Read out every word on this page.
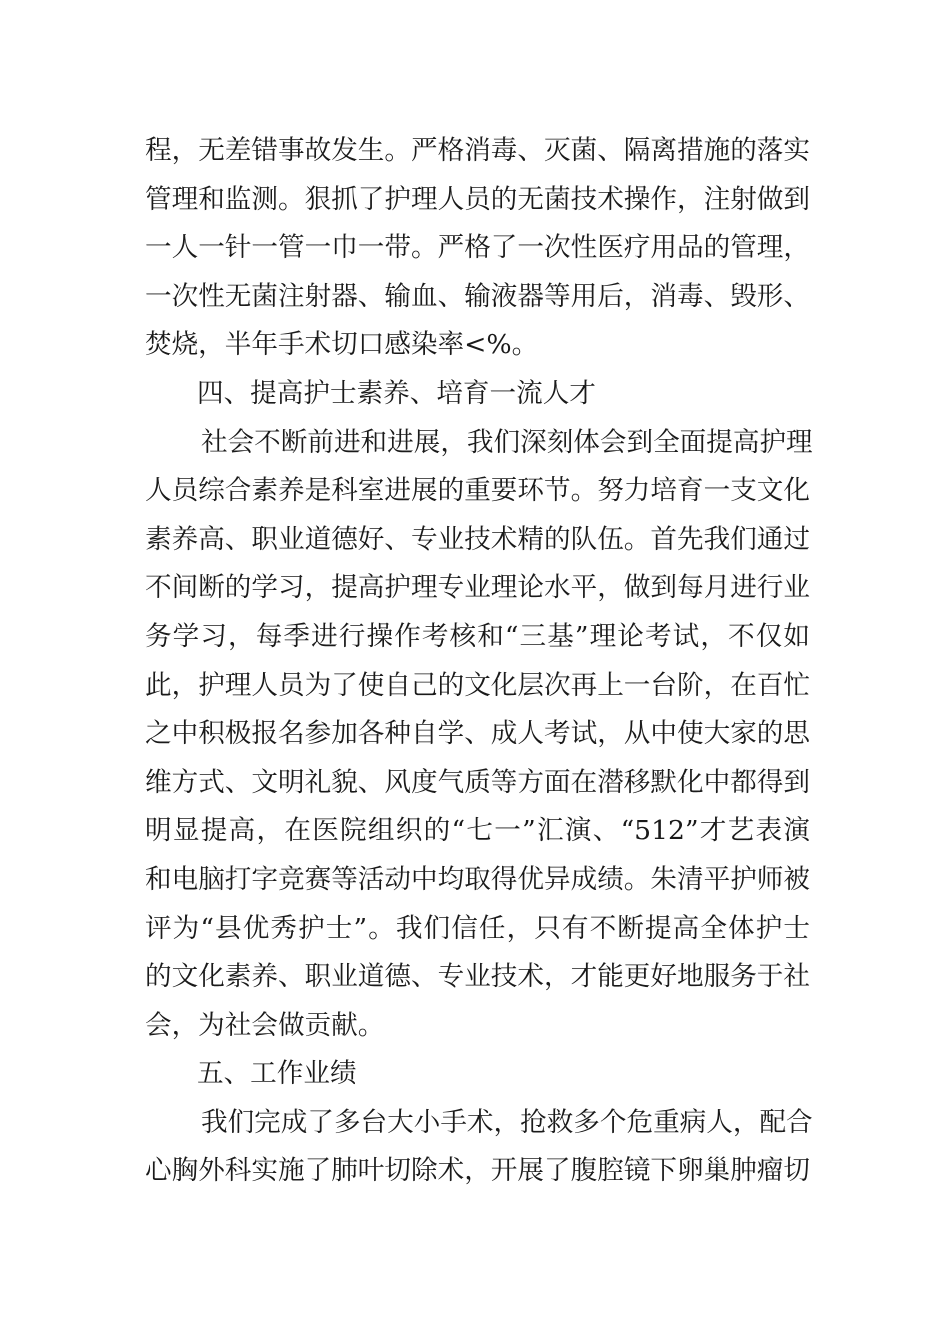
程，无差错事故发生。严格消毒、灭菌、隔离措施的落实
管理和监测。狠抓了护理人员的无菌技术操作，注射做到
一人一针一管一巾一带。严格了一次性医疗用品的管理，
一次性无菌注射器、输血、输液器等用后，消毒、毁形、
焚烧，半年手术切口感染率<%。
四、提高护士素养、培育一流人才
社会不断前进和进展，我们深刻体会到全面提高护理
人员综合素养是科室进展的重要环节。努力培育一支文化
素养高、职业道德好、专业技术精的队伍。首先我们通过
不间断的学习，提高护理专业理论水平，做到每月进行业
务学习，每季进行操作考核和“三基”理论考试，不仅如
此，护理人员为了使自己的文化层次再上一台阶，在百忙
之中积极报名参加各种自学、成人考试，从中使大家的思
维方式、文明礼貌、风度气质等方面在潜移默化中都得到
明显提高，在医院组织的“七一”汇演、“512”才艺表演
和电脑打字竞赛等活动中均取得优异成绩。朱清平护师被
评为“县优秀护士”。我们信任，只有不断提高全体护士
的文化素养、职业道德、专业技术，才能更好地服务于社
会，为社会做贡献。
五、工作业绩
我们完成了多台大小手术，抢救多个危重病人，配合
心胸外科实施了肺叶切除术，开展了腹腔镜下卵巢肿瘤切
